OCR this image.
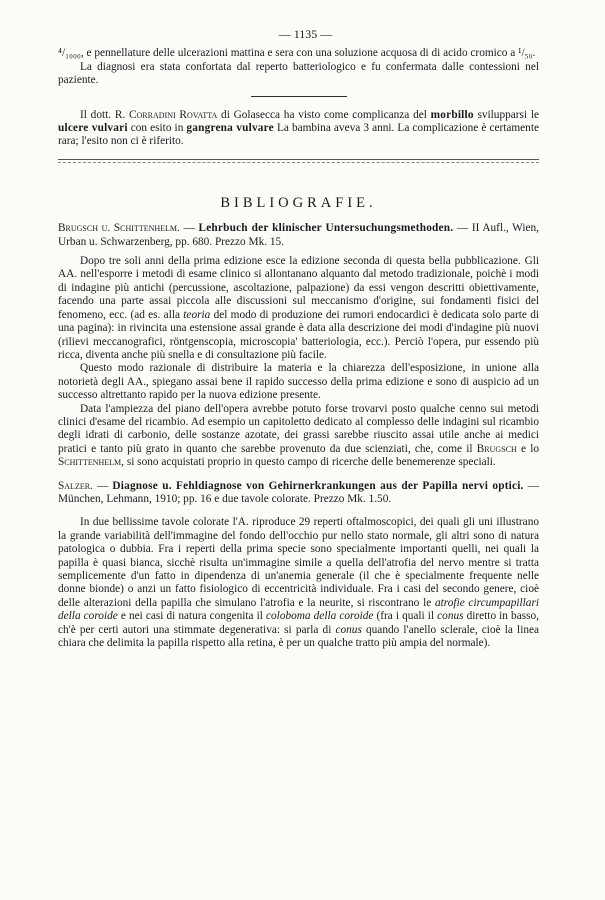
— 1135 —

⁴/₁₀₀₀, e pennellature delle ulcerazioni mattina e sera con una soluzione acquosa di di acido cromico a ¹/₅₀.

La diagnosi era stata confortata dal reperto batteriologico e fu confermata dalle contessioni nel paziente.

Il dott. R. Corradini Rovatta di Golasecca ha visto come complicanza del morbillo svilupparsi le ulcere vulvari con esito in gangrena vulvare La bambina aveva 3 anni. La complicazione è certamente rara; l'esito non ci è riferito.

BIBLIOGRAFIE.

Brugsch u. Schittenhelm. — Lehrbuch der klinischer Untersuchungsmethoden. — II Aufl., Wien, Urban u. Schwarzenberg, pp. 680. Prezzo Mk. 15.

Dopo tre soli anni della prima edizione esce la edizione seconda di questa bella pubblicazione. Gli AA. nell'esporre i metodi di esame clinico si allontanano alquanto dal metodo tradizionale, poichè i modi di indagine più antichi (percussione, ascoltazione, palpazione) da essi vengon descritti obiettivamente, facendo una parte assai piccola alle discussioni sul meccanismo d'origine, sui fondamenti fisici del fenomeno, ecc. (ad es. alla teoria del modo di produzione dei rumori endocardici è dedicata solo parte di una pagina): in rivincita una estensione assai grande è data alla descrizione dei modi d'indagine più nuovi (rilievi meccanografici, röntgenscopia, microscopia' batteriologia, ecc.). Perciò l'opera, pur essendo più ricca, diventa anche più snella e di consultazione più facile.

Questo modo razionale di distribuire la materia e la chiarezza dell'esposizione, in unione alla notorietà degli AA., spiegano assai bene il rapido successo della prima edizione e sono di auspicio ad un successo altrettanto rapido per la nuova edizione presente.

Data l'ampiezza del piano dell'opera avrebbe potuto forse trovarvi posto qualche cenno sui metodi clinici d'esame del ricambio. Ad esempio un capitoletto dedicato al complesso delle indagini sul ricambio degli idrati di carbonio, delle sostanze azotate, dei grassi sarebbe riuscito assai utile anche ai medici pratici e tanto più grato in quanto che sarebbe provenuto da due scienziati, che, come il Brugsch e lo Schittenhelm, si sono acquistati proprio in questo campo di ricerche delle benemerenze speciali.

Salzer. — Diagnose u. Fehldiagnose von Gehirnerkrankungen aus der Papilla nervi optici. — München, Lehmann, 1910; pp. 16 e due tavole colorate. Prezzo Mk. 1.50.

In due bellissime tavole colorate l'A. riproduce 29 reperti oftalmoscopici, dei quali gli uni illustrano la grande variabilità dell'immagine del fondo dell'occhio pur nello stato normale, gli altri sono di natura patologica o dubbia. Fra i reperti della prima specie sono specialmente importanti quelli, nei quali la papilla è quasi bianca, sicchè risulta un'immagine simile a quella dell'atrofia del nervo mentre si tratta semplicemente d'un fatto in dipendenza di un'anemia generale (il che è specialmente frequente nelle donne bionde) o anzi un fatto fisiologico di eccentricità individuale. Fra i casi del secondo genere, cioè delle alterazioni della papilla che simulano l'atrofia e la neurite, si riscontrano le atrofie circumpapillari della coroide e nei casi di natura congenita il coloboma della coroide (fra i quali il conus diretto in basso, ch'è per certi autori una stimmate degenerativa: si parla di conus quando l'anello sclerale, cioè la linea chiara che delimita la papilla rispetto alla retina, è per un qualche tratto più ampia del normale).
